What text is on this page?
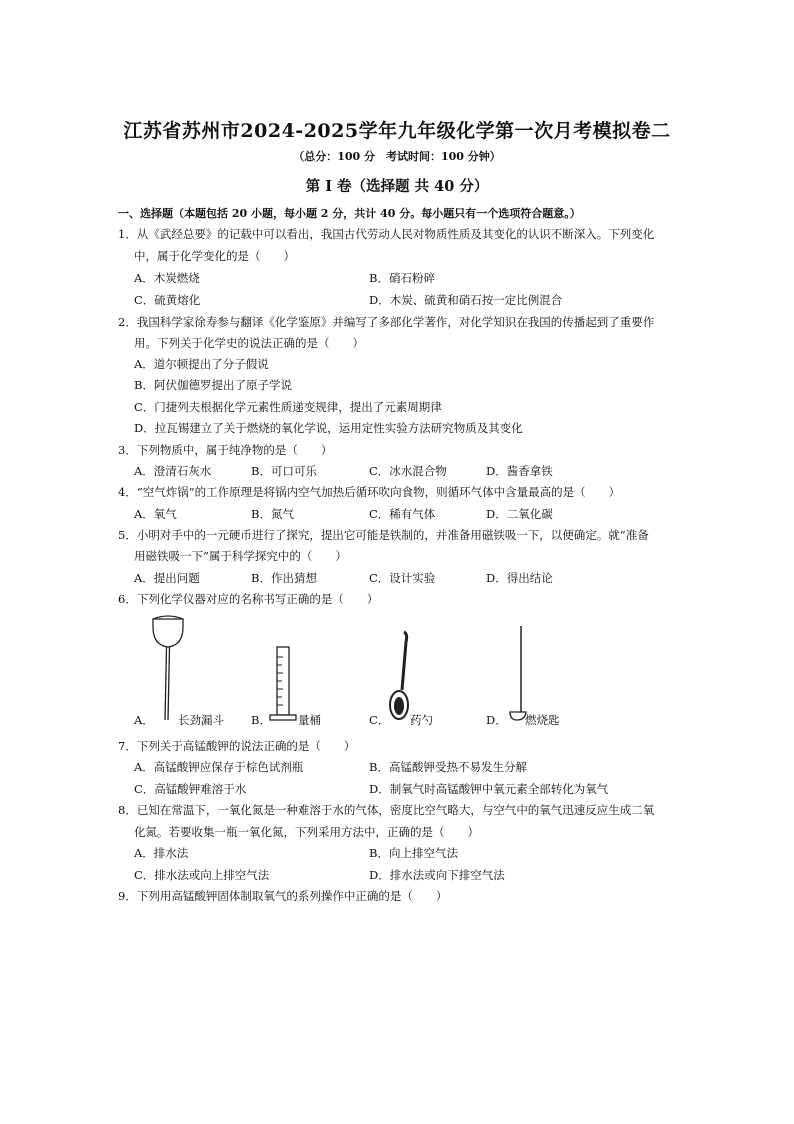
江苏省苏州市2024-2025学年九年级化学第一次月考模拟卷二
（总分：100 分　考试时间：100 分钟）
第 I 卷（选择题 共 40 分）
一、选择题（本题包括 20 小题，每小题 2 分，共计 40 分。每小题只有一个选项符合题意。）
1．从《武经总要》的记载中可以看出，我国古代劳动人民对物质性质及其变化的认识不断深入。下列变化
中，属于化学变化的是（　　）
A．木炭燃烧	B．硝石粉碎
C．硫黄熔化	D．木炭、硫黄和硝石按一定比例混合
2．我国科学家徐寿参与翻译《化学鉴原》并编写了多部化学著作，对化学知识在我国的传播起到了重要作
用。下列关于化学史的说法正确的是（　　）
A．道尔顿提出了分子假说
B．阿伏伽德罗提出了原子学说
C．门捷列夫根据化学元素性质递变规律，提出了元素周期律
D．拉瓦锡建立了关于燃烧的氧化学说，运用定性实验方法研究物质及其变化
3．下列物质中，属于纯净物的是（　　）
A．澄清石灰水	B．可口可乐	C．冰水混合物	D．酱香拿铁
4．“空气炸锅”的工作原理是将锅内空气加热后循环吹向食物，则循环气体中含量最高的是（　　）
A．氧气	B．氮气	C．稀有气体	D．二氧化碳
5．小明对手中的一元硬币进行了探究，提出它可能是铁制的，并准备用磁铁吸一下，以便确定。就“准备
用磁铁吸一下”属于科学探究中的（　　）
A．提出问题	B．作出猜想	C．设计实验	D．得出结论
6．下列化学仪器对应的名称书写正确的是（　　）
A． 长劲漏斗 B． 量桶	C． 药勺	D． 燃烧匙
7．下列关于高锰酸钾的说法正确的是（　　）
A．高锰酸钾应保存于棕色试剂瓶	B．高锰酸钾受热不易发生分解
C．高锰酸钾难溶于水	D．制氧气时高锰酸钾中氧元素全部转化为氧气
8．已知在常温下，一氧化氮是一种难溶于水的气体，密度比空气略大，与空气中的氧气迅速反应生成二氧
化氮。若要收集一瓶一氧化氮，下列采用方法中，正确的是（　　）
A．排水法	B．向上排空气法
C．排水法或向上排空气法	D．排水法或向下排空气法
9．下列用高锰酸钾固体制取氧气的系列操作中正确的是（　　）
